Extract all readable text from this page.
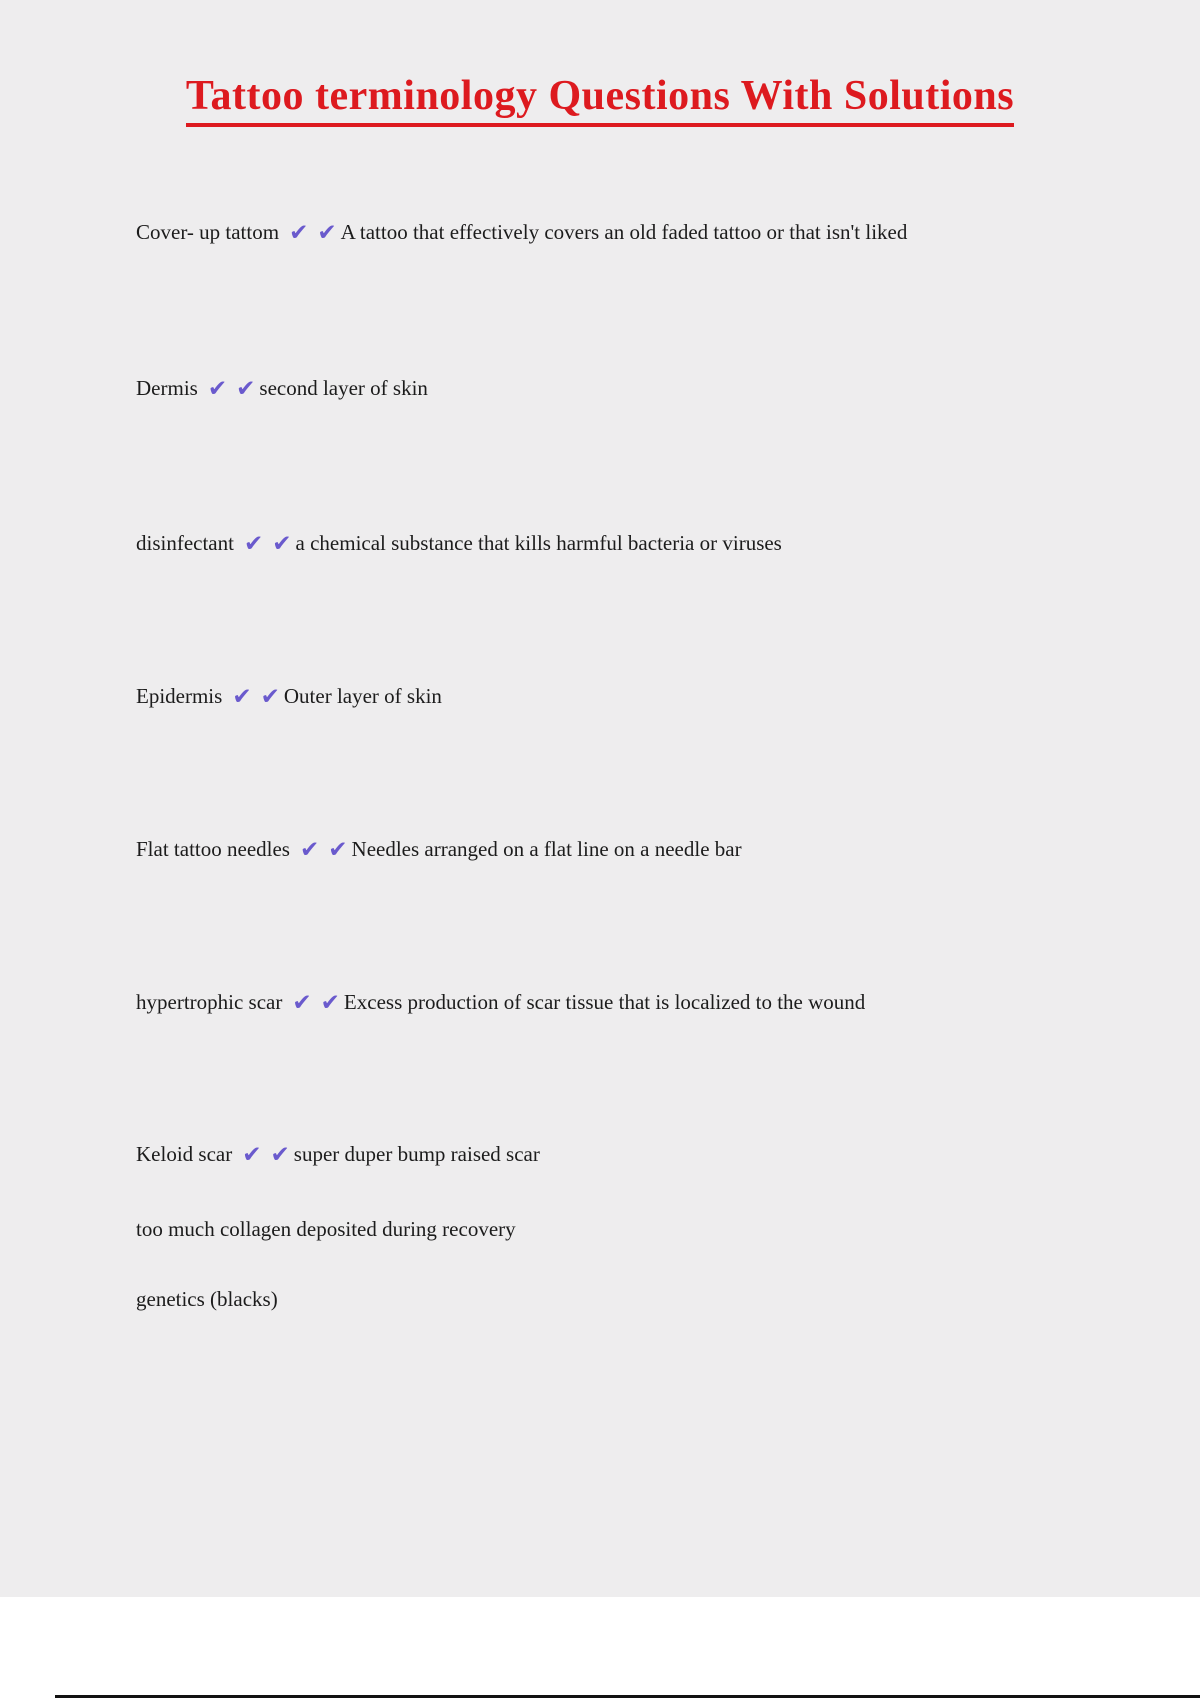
Tattoo terminology Questions With Solutions
Cover- up tattom ✔ ✔ A tattoo that effectively covers an old faded tattoo or that isn't liked
Dermis ✔ ✔ second layer of skin
disinfectant ✔ ✔ a chemical substance that kills harmful bacteria or viruses
Epidermis ✔ ✔ Outer layer of skin
Flat tattoo needles ✔ ✔ Needles arranged on a flat line on a needle bar
hypertrophic scar ✔ ✔ Excess production of scar tissue that is localized to the wound
Keloid scar ✔ ✔ super duper bump raised scar
too much collagen deposited during recovery
genetics (blacks)
